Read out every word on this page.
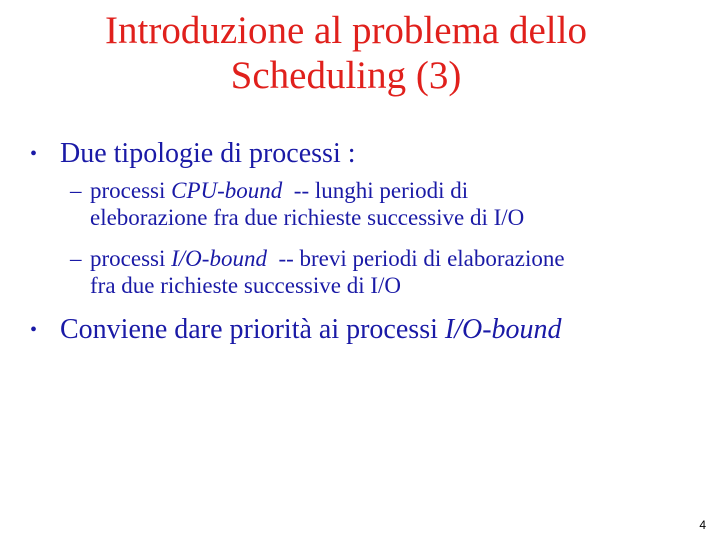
Introduzione al problema dello
Scheduling (3)
• Due tipologie di processi :
– processi CPU-bound  -- lunghi periodi di
eleborazione fra due richieste successive di I/O
– processi I/O-bound  -- brevi periodi di elaborazione
fra due richieste successive di I/O
• Conviene dare priorità ai processi I/O-bound
4
